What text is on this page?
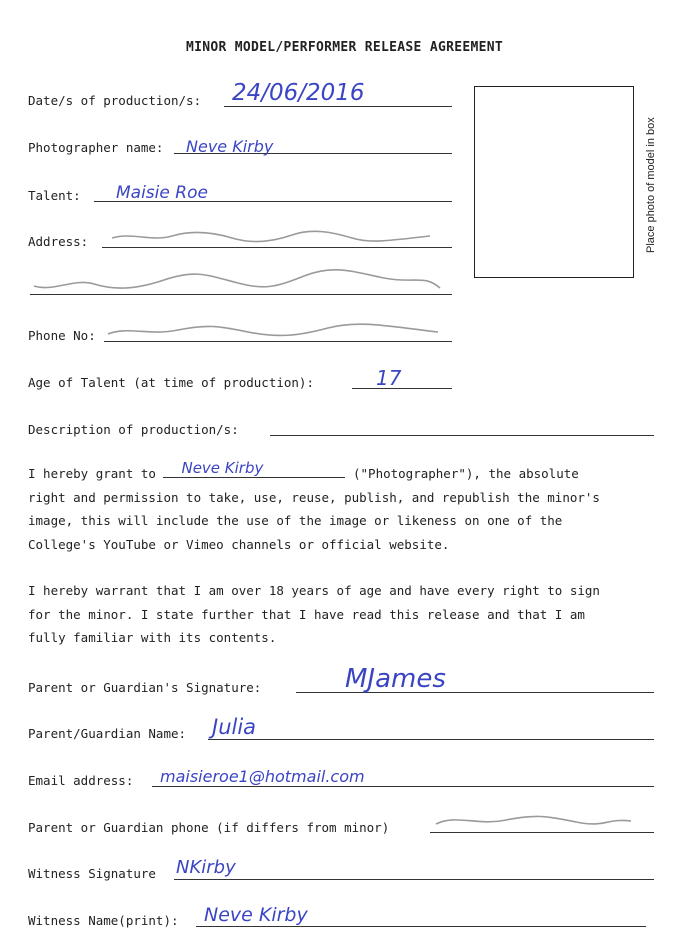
MINOR MODEL/PERFORMER RELEASE AGREEMENT
Date/s of production/s: 24/06/2016
Photographer name: Neve Kirby
Talent: Maisie Roe
Address:	Place photo of model in box
Phone No:
Age of Talent (at time of production):	17
Description of production/s:
I hereby grant to Neve Kirby	("Photographer"), the absolute
right and permission to take, use, reuse, publish, and republish the minor's
image, this will include the use of the image or likeness on one of the
College's YouTube or Vimeo channels or official website.
I hereby warrant that I am over 18 years of age and have every right to sign
for the minor. I state further that I have read this release and that I am
fully familiar with its contents.
Parent or Guardian's Signature:	MJames
Parent/Guardian Name: Julia
Email address: maisieroe1@hotmail.com
Parent or Guardian phone (if differs from minor)
Witness Signature NKirby
Witness Name(print): Neve Kirby
